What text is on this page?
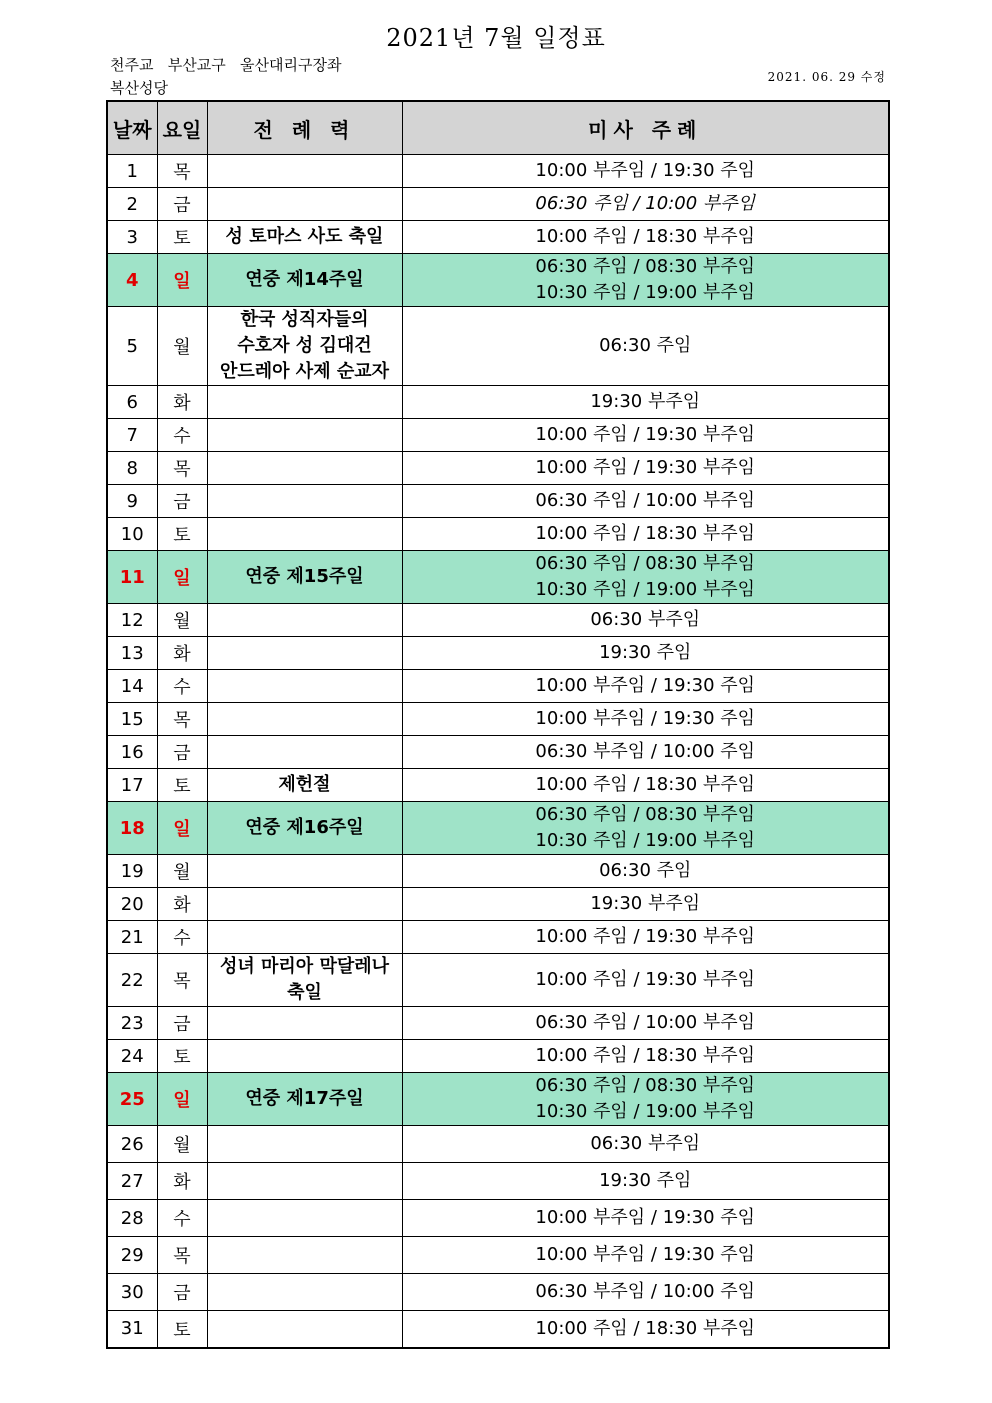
2021년 7월 일정표
천주교   부산교구   울산대리구장좌
복산성당
2021. 06. 29 수정
날짜	요일	전 례 력	미사 주례
1	목		10:00 부주임 / 19:30 주임

2	금		06:30 주임 / 10:00 부주임

3	토	성 토마스 사도 축일	10:00 주임 / 18:30 부주임

4	일	연중 제14주일	06:30 주임 / 08:30 부주임
10:30 주임 / 19:00 부주임

5	월	한국 성직자들의
수호자 성 김대건
안드레아 사제 순교자	06:30 주임

6	화		19:30 부주임

7	수		10:00 주임 / 19:30 부주임

8	목		10:00 주임 / 19:30 부주임

9	금		06:30 주임 / 10:00 부주임

10	토		10:00 주임 / 18:30 부주임

11	일	연중 제15주일	06:30 주임 / 08:30 부주임
10:30 주임 / 19:00 부주임

12	월		06:30 부주임

13	화		19:30 주임

14	수		10:00 부주임 / 19:30 주임

15	목		10:00 부주임 / 19:30 주임

16	금		06:30 부주임 / 10:00 주임

17	토	제헌절	10:00 주임 / 18:30 부주임

18	일	연중 제16주일	06:30 주임 / 08:30 부주임
10:30 주임 / 19:00 부주임

19	월		06:30 주임

20	화		19:30 부주임

21	수		10:00 주임 / 19:30 부주임

22	목	성녀 마리아 막달레나
축일	10:00 주임 / 19:30 부주임

23	금		06:30 주임 / 10:00 부주임

24	토		10:00 주임 / 18:30 부주임

25	일	연중 제17주일	06:30 주임 / 08:30 부주임
10:30 주임 / 19:00 부주임

26	월		06:30 부주임

27	화		19:30 주임

28	수		10:00 부주임 / 19:30 주임

29	목		10:00 부주임 / 19:30 주임

30	금		06:30 부주임 / 10:00 주임

31	토		10:00 주임 / 18:30 부주임
